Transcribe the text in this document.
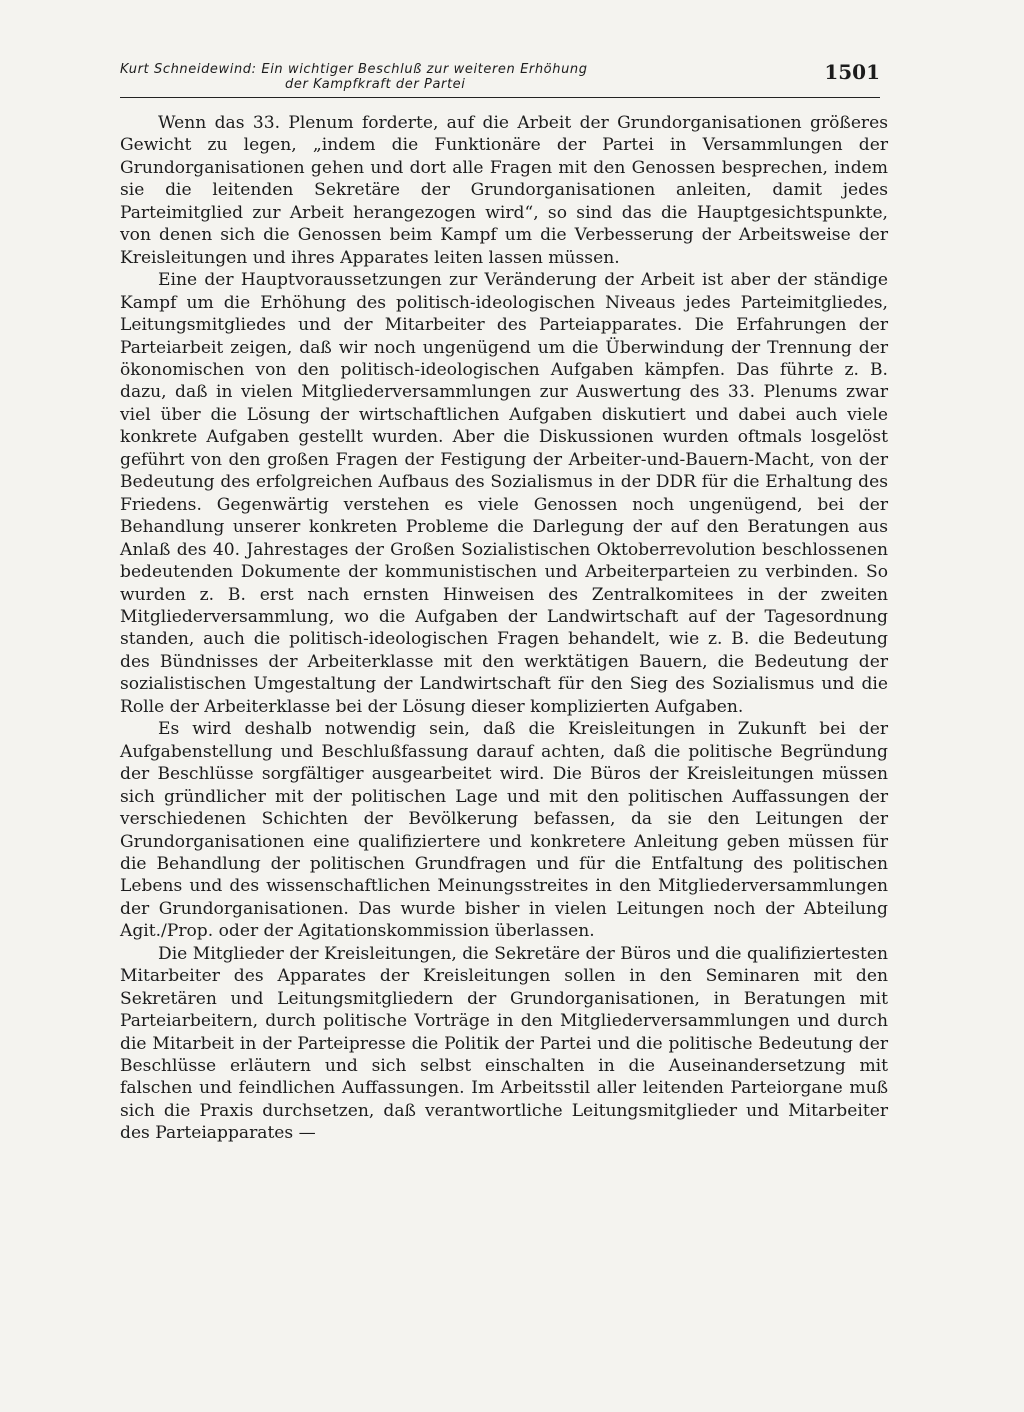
Kurt Schneidewind: Ein wichtiger Beschluß zur weiteren Erhöhung
der Kampfkraft der Partei
1501

Wenn das 33. Plenum forderte, auf die Arbeit der Grundorganisationen größeres Gewicht zu legen, „indem die Funktionäre der Partei in Versammlungen der Grundorganisationen gehen und dort alle Fragen mit den Genossen besprechen, indem sie die leitenden Sekretäre der Grundorganisationen anleiten, damit jedes Parteimitglied zur Arbeit herangezogen wird“, so sind das die Hauptgesichtspunkte, von denen sich die Genossen beim Kampf um die Verbesserung der Arbeitsweise der Kreisleitungen und ihres Apparates leiten lassen müssen.

Eine der Hauptvoraussetzungen zur Veränderung der Arbeit ist aber der ständige Kampf um die Erhöhung des politisch-ideologischen Niveaus jedes Parteimitgliedes, Leitungsmitgliedes und der Mitarbeiter des Parteiapparates. Die Erfahrungen der Parteiarbeit zeigen, daß wir noch ungenügend um die Überwindung der Trennung der ökonomischen von den politisch-ideologischen Aufgaben kämpfen. Das führte z. B. dazu, daß in vielen Mitgliederversammlungen zur Auswertung des 33. Plenums zwar viel über die Lösung der wirtschaftlichen Aufgaben diskutiert und dabei auch viele konkrete Aufgaben gestellt wurden. Aber die Diskussionen wurden oftmals losgelöst geführt von den großen Fragen der Festigung der Arbeiter-und-Bauern-Macht, von der Bedeutung des erfolgreichen Aufbaus des Sozialismus in der DDR für die Erhaltung des Friedens. Gegenwärtig verstehen es viele Genossen noch ungenügend, bei der Behandlung unserer konkreten Probleme die Darlegung der auf den Beratungen aus Anlaß des 40. Jahrestages der Großen Sozialistischen Oktoberrevolution beschlossenen bedeutenden Dokumente der kommunistischen und Arbeiterparteien zu verbinden. So wurden z. B. erst nach ernsten Hinweisen des Zentralkomitees in der zweiten Mitgliederversammlung, wo die Aufgaben der Landwirtschaft auf der Tagesordnung standen, auch die politisch-ideologischen Fragen behandelt, wie z. B. die Bedeutung des Bündnisses der Arbeiterklasse mit den werktätigen Bauern, die Bedeutung der sozialistischen Umgestaltung der Landwirtschaft für den Sieg des Sozialismus und die Rolle der Arbeiterklasse bei der Lösung dieser komplizierten Aufgaben.

Es wird deshalb notwendig sein, daß die Kreisleitungen in Zukunft bei der Aufgabenstellung und Beschlußfassung darauf achten, daß die politische Begründung der Beschlüsse sorgfältiger ausgearbeitet wird. Die Büros der Kreisleitungen müssen sich gründlicher mit der politischen Lage und mit den politischen Auffassungen der verschiedenen Schichten der Bevölkerung befassen, da sie den Leitungen der Grundorganisationen eine qualifiziertere und konkretere Anleitung geben müssen für die Behandlung der politischen Grundfragen und für die Entfaltung des politischen Lebens und des wissenschaftlichen Meinungsstreites in den Mitgliederversammlungen der Grundorganisationen. Das wurde bisher in vielen Leitungen noch der Abteilung Agit./Prop. oder der Agitationskommission überlassen.

Die Mitglieder der Kreisleitungen, die Sekretäre der Büros und die qualifiziertesten Mitarbeiter des Apparates der Kreisleitungen sollen in den Seminaren mit den Sekretären und Leitungsmitgliedern der Grundorganisationen, in Beratungen mit Parteiarbeitern, durch politische Vorträge in den Mitgliederversammlungen und durch die Mitarbeit in der Parteipresse die Politik der Partei und die politische Bedeutung der Beschlüsse erläutern und sich selbst einschalten in die Auseinandersetzung mit falschen und feindlichen Auffassungen. Im Arbeitsstil aller leitenden Parteiorgane muß sich die Praxis durchsetzen, daß verantwortliche Leitungsmitglieder und Mitarbeiter des Parteiapparates —
